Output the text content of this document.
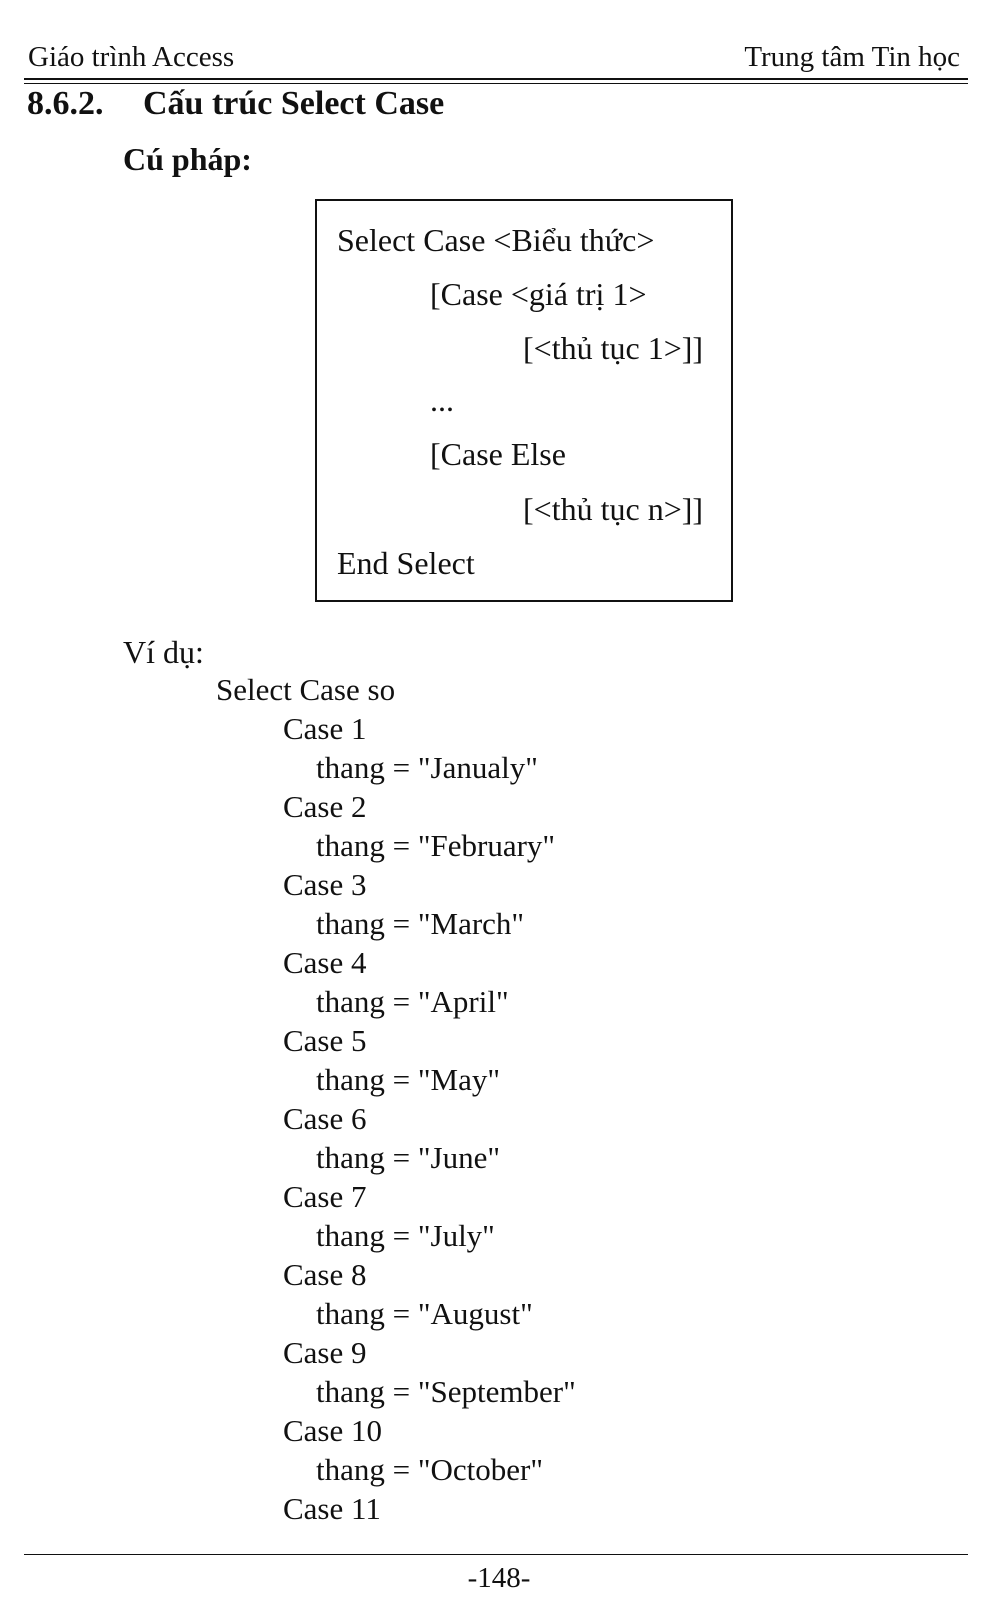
Giáo trình Access	Trung tâm Tin học
8.6.2. Cấu trúc Select Case
Cú pháp:
Select Case <Biểu thức>
[Case <giá trị 1>
[<thủ tục 1>]]
...
[Case Else
[<thủ tục n>]]
End Select
Ví dụ:
Select Case so
Case 1
thang = "Janualy"
Case 2
thang = "February"
Case 3
thang = "March"
Case 4
thang = "April"
Case 5
thang = "May"
Case 6
thang = "June"
Case 7
thang = "July"
Case 8
thang = "August"
Case 9
thang = "September"
Case 10
thang = "October"
Case 11
-148-
